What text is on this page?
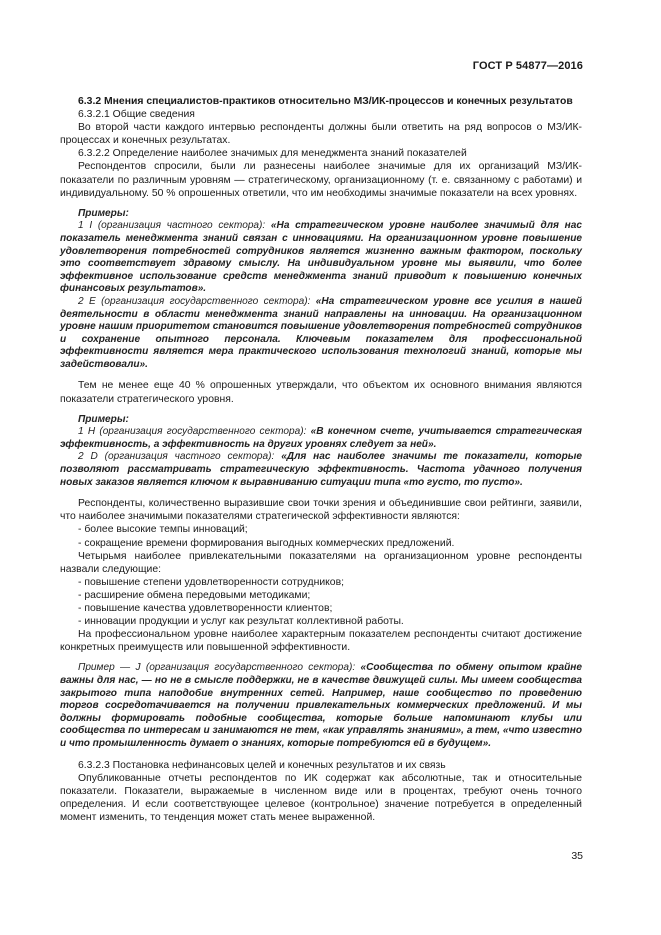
ГОСТ Р 54877—2016

6.3.2 Мнения специалистов-практиков относительно МЗ/ИК-процессов и конечных результатов

6.3.2.1 Общие сведения

Во второй части каждого интервью респонденты должны были ответить на ряд вопросов о МЗ/ИК-процессах и конечных результатах.

6.3.2.2 Определение наиболее значимых для менеджмента знаний показателей

Респондентов спросили, были ли разнесены наиболее значимые для их организаций МЗ/ИК-показатели по различным уровням — стратегическому, организационному (т. е. связанному с работами) и индивидуальному. 50 % опрошенных ответили, что им необходимы значимые показатели на всех уровнях.

Примеры:

1 I (организация частного сектора): «На стратегическом уровне наиболее значимый для нас показатель менеджмента знаний связан с инновациями. На организационном уровне повышение удовлетворения потребностей сотрудников является жизненно важным фактором, поскольку это соответствует здравому смыслу. На индивидуальном уровне мы выявили, что более эффективное использование средств менеджмента знаний приводит к повышению конечных финансовых результатов».

2 E (организация государственного сектора): «На стратегическом уровне все усилия в нашей деятельности в области менеджмента знаний направлены на инновации. На организационном уровне нашим приоритетом становится повышение удовлетворения потребностей сотрудников и сохранение опытного персонала. Ключевым показателем для профессиональной эффективности является мера практического использования технологий знаний, которые мы задействовали».

Тем не менее еще 40 % опрошенных утверждали, что объектом их основного внимания являются показатели стратегического уровня.

Примеры:

1 H (организация государственного сектора): «В конечном счете, учитывается стратегическая эффективность, а эффективность на других уровнях следует за ней».

2 D (организация частного сектора): «Для нас наиболее значимы те показатели, которые позволяют рассматривать стратегическую эффективность. Частота удачного получения новых заказов является ключом к выравниванию ситуации типа «то густо, то пусто».

Респонденты, количественно выразившие свои точки зрения и объединившие свои рейтинги, заявили, что наиболее значимыми показателями стратегической эффективности являются:

- более высокие темпы инноваций;

- сокращение времени формирования выгодных коммерческих предложений.

Четырьмя наиболее привлекательными показателями на организационном уровне респонденты назвали следующие:

- повышение степени удовлетворенности сотрудников;

- расширение обмена передовыми методиками;

- повышение качества удовлетворенности клиентов;

- инновации продукции и услуг как результат коллективной работы.

На профессиональном уровне наиболее характерным показателем респонденты считают достижение конкретных преимуществ или повышенной эффективности.

Пример — J (организация государственного сектора): «Сообщества по обмену опытом крайне важны для нас, — но не в смысле поддержки, не в качестве движущей силы. Мы имеем сообщества закрытого типа наподобие внутренних сетей. Например, наше сообщество по проведению торгов сосредотачивается на получении привлекательных коммерческих предложений. И мы должны формировать подобные сообщества, которые больше напоминают клубы или сообщества по интересам и занимаются не тем, «как управлять знаниями», а тем, «что известно и что промышленность думает о знаниях, которые потребуются ей в будущем».

6.3.2.3 Постановка нефинансовых целей и конечных результатов и их связь

Опубликованные отчеты респондентов по ИК содержат как абсолютные, так и относительные показатели. Показатели, выражаемые в численном виде или в процентах, требуют очень точного определения. И если соответствующее целевое (контрольное) значение потребуется в определенный момент изменить, то тенденция может стать менее выраженной.

35
